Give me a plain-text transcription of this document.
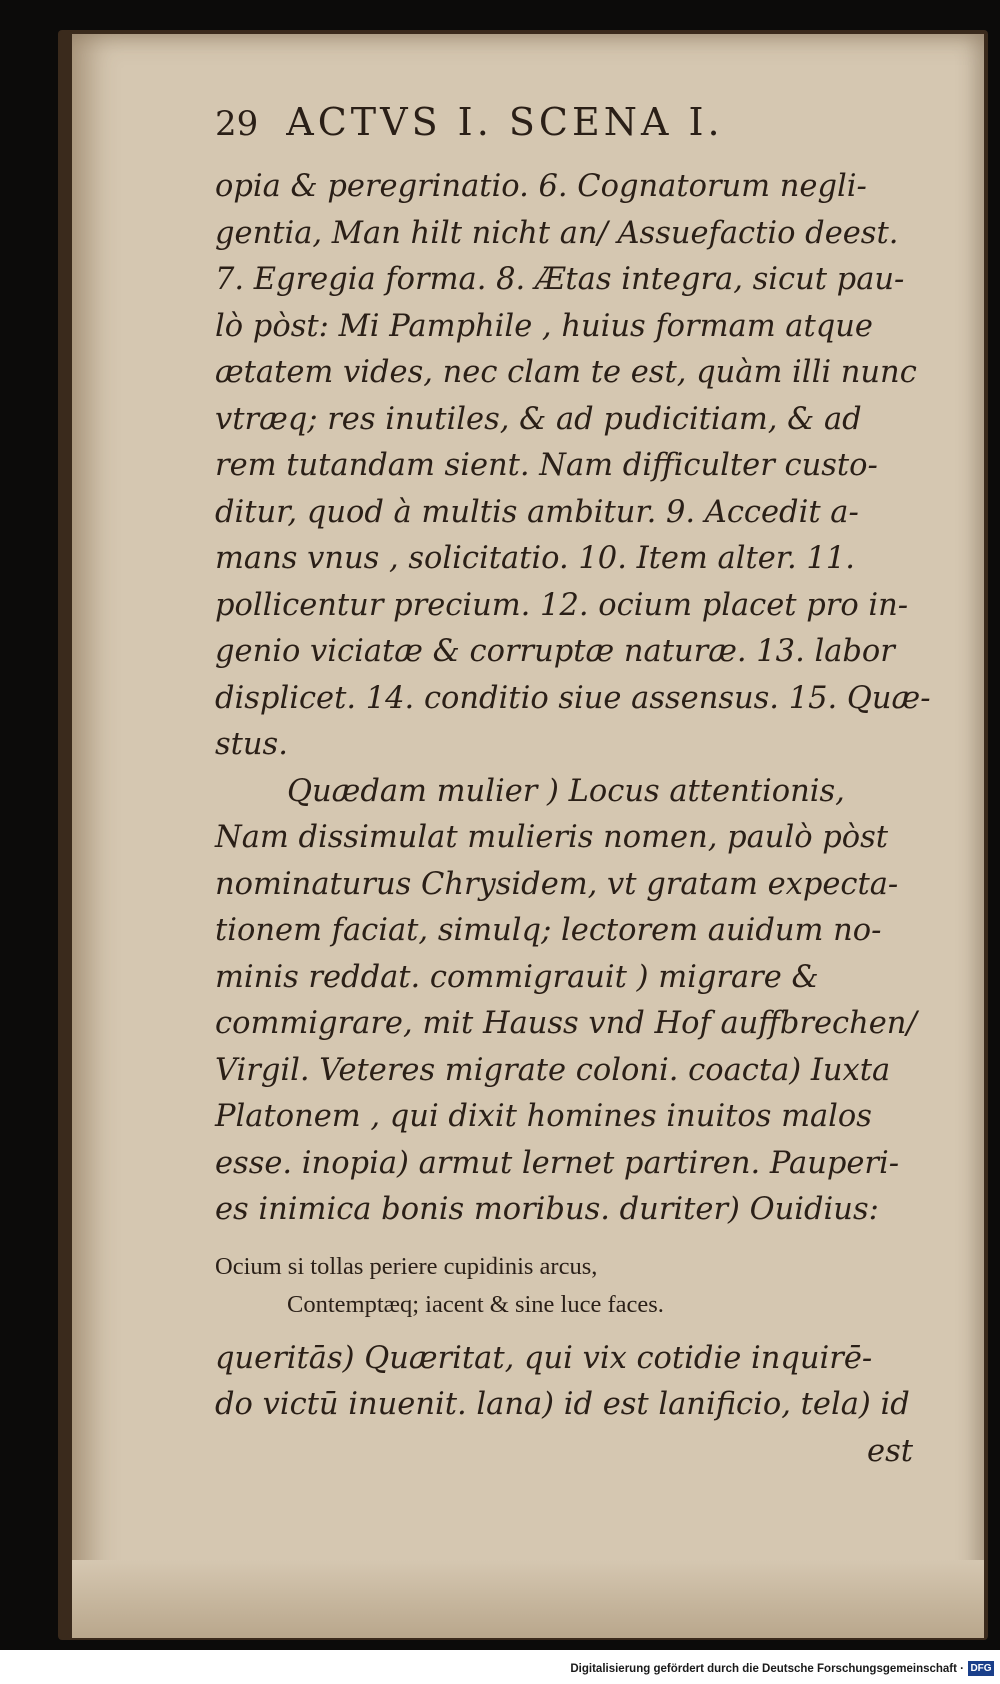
29 ACTVS I. SCENA I.
opia & peregrinatio. 6. Cognatorum negli-
gentia, Man hilt nicht an/ Assuefactio deest.
7. Egregia forma. 8. Ætas integra, sicut pau-
lò pòst: Mi Pamphile , huius formam atque
ætatem vides, nec clam te est, quàm illi nunc
vtræq; res inutiles, & ad pudicitiam, & ad
rem tutandam sient. Nam difficulter custo-
ditur, quod à multis ambitur. 9. Accedit a-
mans vnus , solicitatio. 10. Item alter. 11.
pollicentur precium. 12. ocium placet pro in-
genio viciatæ & corruptæ naturæ. 13. labor
displicet. 14. conditio siue assensus. 15. Quæ-
stus.
Quædam mulier ) Locus attentionis,
Nam dissimulat mulieris nomen, paulò pòst
nominaturus Chrysidem, vt gratam expecta-
tionem faciat, simulq; lectorem auidum no-
minis reddat. commigrauit ) migrare &
commigrare, mit Hauss vnd Hof auffbrechen/
Virgil. Veteres migrate coloni. coacta) Iuxta
Platonem , qui dixit homines inuitos malos
esse. inopia) armut lernet partiren. Pauperi-
es inimica bonis moribus. duriter) Ouidius:
Ocium si tollas periere cupidinis arcus,
Contemptæq; iacent & sine luce faces.
queritās) Quæritat, qui vix cotidie inquirē-
do victū inuenit. lana) id est lanificio, tela) id
est
Digitalisierung gefördert durch die Deutsche Forschungsgemeinschaft · DFG
